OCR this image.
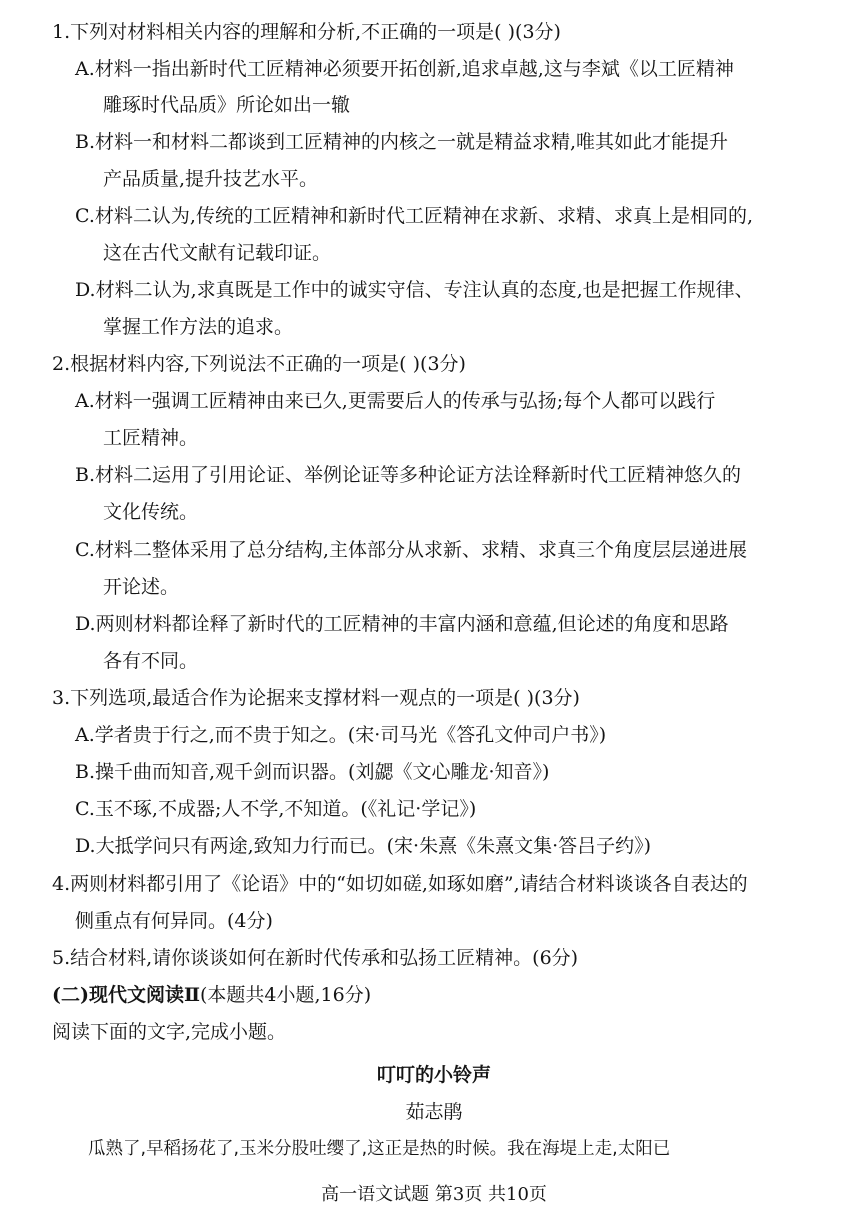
1.下列对材料相关内容的理解和分析,不正确的一项是( )(3分)
A.材料一指出新时代工匠精神必须要开拓创新,追求卓越,这与李斌《以工匠精神
雕琢时代品质》所论如出一辙
B.材料一和材料二都谈到工匠精神的内核之一就是精益求精,唯其如此才能提升
产品质量,提升技艺水平。
C.材料二认为,传统的工匠精神和新时代工匠精神在求新、求精、求真上是相同的,
这在古代文献有记载印证。
D.材料二认为,求真既是工作中的诚实守信、专注认真的态度,也是把握工作规律、
掌握工作方法的追求。
2.根据材料内容,下列说法不正确的一项是( )(3分)
A.材料一强调工匠精神由来已久,更需要后人的传承与弘扬;每个人都可以践行
工匠精神。
B.材料二运用了引用论证、举例论证等多种论证方法诠释新时代工匠精神悠久的
文化传统。
C.材料二整体采用了总分结构,主体部分从求新、求精、求真三个角度层层递进展
开论述。
D.两则材料都诠释了新时代的工匠精神的丰富内涵和意蕴,但论述的角度和思路
各有不同。
3.下列选项,最适合作为论据来支撑材料一观点的一项是( )(3分)
A.学者贵于行之,而不贵于知之。(宋·司马光《答孔文仲司户书》)
B.操千曲而知音,观千剑而识器。(刘勰《文心雕龙·知音》)
C.玉不琢,不成器;人不学,不知道。(《礼记·学记》)
D.大抵学问只有两途,致知力行而已。(宋·朱熹《朱熹文集·答吕子约》)
4.两则材料都引用了《论语》中的“如切如磋,如琢如磨”,请结合材料谈谈各自表达的
侧重点有何异同。(4分)
5.结合材料,请你谈谈如何在新时代传承和弘扬工匠精神。(6分)
(二)现代文阅读Ⅱ(本题共4小题,16分)
阅读下面的文字,完成小题。
叮叮的小铃声
茹志鹃
瓜熟了,早稻扬花了,玉米分股吐缨了,这正是热的时候。我在海堤上走,太阳已
高一语文试题 第3页 共10页
